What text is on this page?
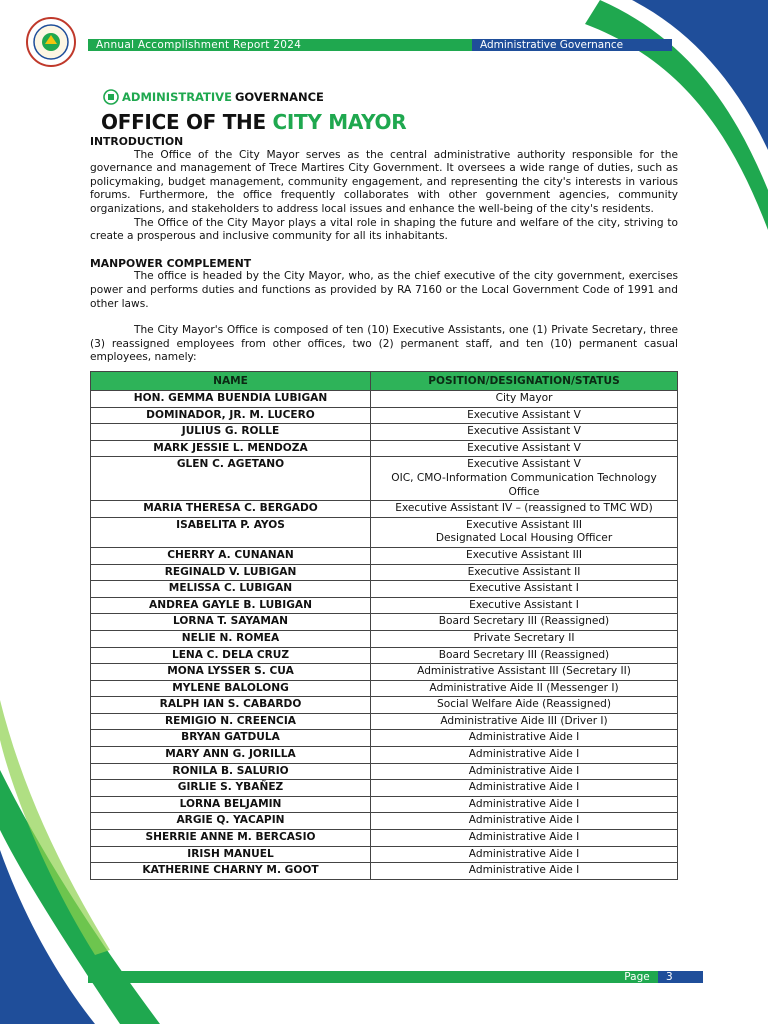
Annual Accomplishment Report 2024	Administrative Governance
ADMINISTRATIVE GOVERNANCE
OFFICE OF THE CITY MAYOR
INTRODUCTION

The Office of the City Mayor serves as the central administrative authority responsible for the governance and management of Trece Martires City Government. It oversees a wide range of duties, such as policymaking, budget management, community engagement, and representing the city's interests in various forums. Furthermore, the office frequently collaborates with other government agencies, community organizations, and stakeholders to address local issues and enhance the well-being of the city's residents.

The Office of the City Mayor plays a vital role in shaping the future and welfare of the city, striving to create a prosperous and inclusive community for all its inhabitants.

MANPOWER COMPLEMENT

The office is headed by the City Mayor, who, as the chief executive of the city government, exercises power and performs duties and functions as provided by RA 7160 or the Local Government Code of 1991 and other laws.

The City Mayor's Office is composed of ten (10) Executive Assistants, one (1) Private Secretary, three (3) reassigned employees from other offices, two (2) permanent staff, and ten (10) permanent casual employees, namely:

NAME	POSITION/DESIGNATION/STATUS
HON. GEMMA BUENDIA LUBIGAN	City Mayor

DOMINADOR, JR. M. LUCERO	Executive Assistant V

JULIUS G. ROLLE	Executive Assistant V

MARK JESSIE L. MENDOZA	Executive Assistant V

GLEN C. AGETANO	Executive Assistant V
OIC, CMO-Information Communication Technology
Office

MARIA THERESA C. BERGADO	Executive Assistant IV – (reassigned to TMC WD)

ISABELITA P. AYOS	Executive Assistant III
Designated Local Housing Officer

CHERRY A. CUNANAN	Executive Assistant III

REGINALD V. LUBIGAN	Executive Assistant II

MELISSA C. LUBIGAN	Executive Assistant I

ANDREA GAYLE B. LUBIGAN	Executive Assistant I

LORNA T. SAYAMAN	Board Secretary III (Reassigned)

NELIE N. ROMEA	Private Secretary II

LENA C. DELA CRUZ	Board Secretary III (Reassigned)

MONA LYSSER S. CUA	Administrative Assistant III (Secretary II)

MYLENE BALOLONG	Administrative Aide II (Messenger I)

RALPH IAN S. CABARDO	Social Welfare Aide (Reassigned)

REMIGIO N. CREENCIA	Administrative Aide III (Driver I)

BRYAN GATDULA	Administrative Aide I

MARY ANN G. JORILLA	Administrative Aide I

RONILA B. SALURIO	Administrative Aide I

GIRLIE S. YBAÑEZ	Administrative Aide I

LORNA BELJAMIN	Administrative Aide I

ARGIE Q. YACAPIN	Administrative Aide I

SHERRIE ANNE M. BERCASIO	Administrative Aide I

IRISH MANUEL	Administrative Aide I

KATHERINE CHARNY M. GOOT	Administrative Aide I
Page	3
